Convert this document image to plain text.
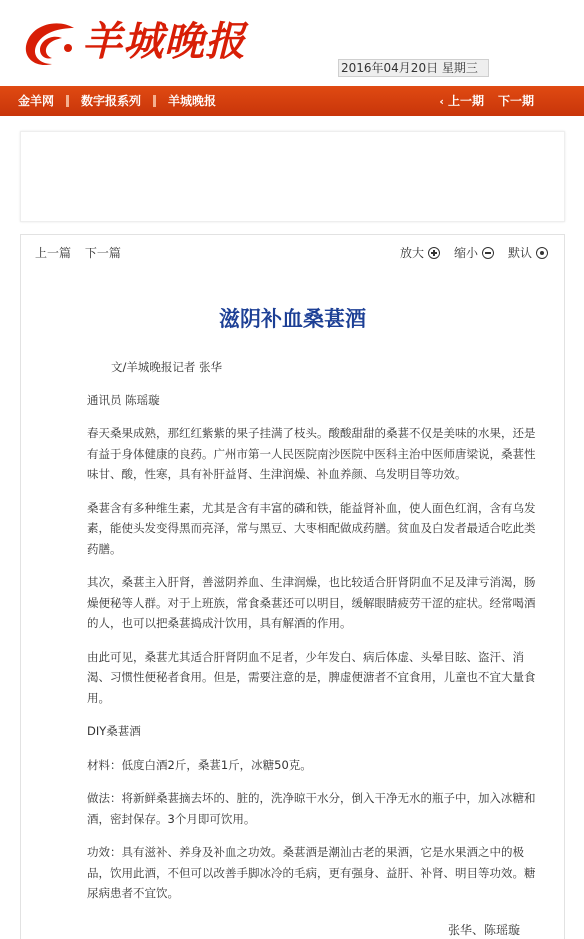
羊城晚报
2016年04月20日 星期三
金羊网 数字报系列 羊城晚报	‹ 上一期 下一期
上一篇 下一篇	放大	缩小	默认
滋阴补血桑葚酒
文/羊城晚报记者 张华
通讯员 陈瑶璇
春天桑果成熟，那红红紫紫的果子挂满了枝头。酸酸甜甜的桑葚不仅是美味的水果，还是有益于身体健康的良药。广州市第一人民医院南沙医院中医科主治中医师唐梁说，桑葚性味甘、酸，性寒，具有补肝益肾、生津润燥、补血养颜、乌发明目等功效。
桑葚含有多种维生素，尤其是含有丰富的磷和铁，能益肾补血，使人面色红润，含有乌发素，能使头发变得黑而亮泽，常与黑豆、大枣相配做成药膳。贫血及白发者最适合吃此类药膳。
其次，桑葚主入肝肾，善滋阴养血、生津润燥，也比较适合肝肾阴血不足及津亏消渴，肠燥便秘等人群。对于上班族，常食桑葚还可以明目，缓解眼睛疲劳干涩的症状。经常喝酒的人，也可以把桑葚捣成汁饮用，具有解酒的作用。
由此可见，桑葚尤其适合肝肾阴血不足者，少年发白、病后体虚、头晕目眩、盗汗、消渴、习惯性便秘者食用。但是，需要注意的是，脾虚便溏者不宜食用，儿童也不宜大量食用。
DIY桑葚酒
材料：低度白酒2斤，桑葚1斤，冰糖50克。
做法：将新鲜桑葚摘去坏的、脏的，洗净晾干水分，倒入干净无水的瓶子中，加入冰糖和酒，密封保存。3个月即可饮用。
功效：具有滋补、养身及补血之功效。桑葚酒是潮汕古老的果酒，它是水果酒之中的极品，饮用此酒，不但可以改善手脚冰冷的毛病，更有强身、益肝、补肾、明目等功效。糖尿病患者不宜饮。
张华、陈瑶璇
